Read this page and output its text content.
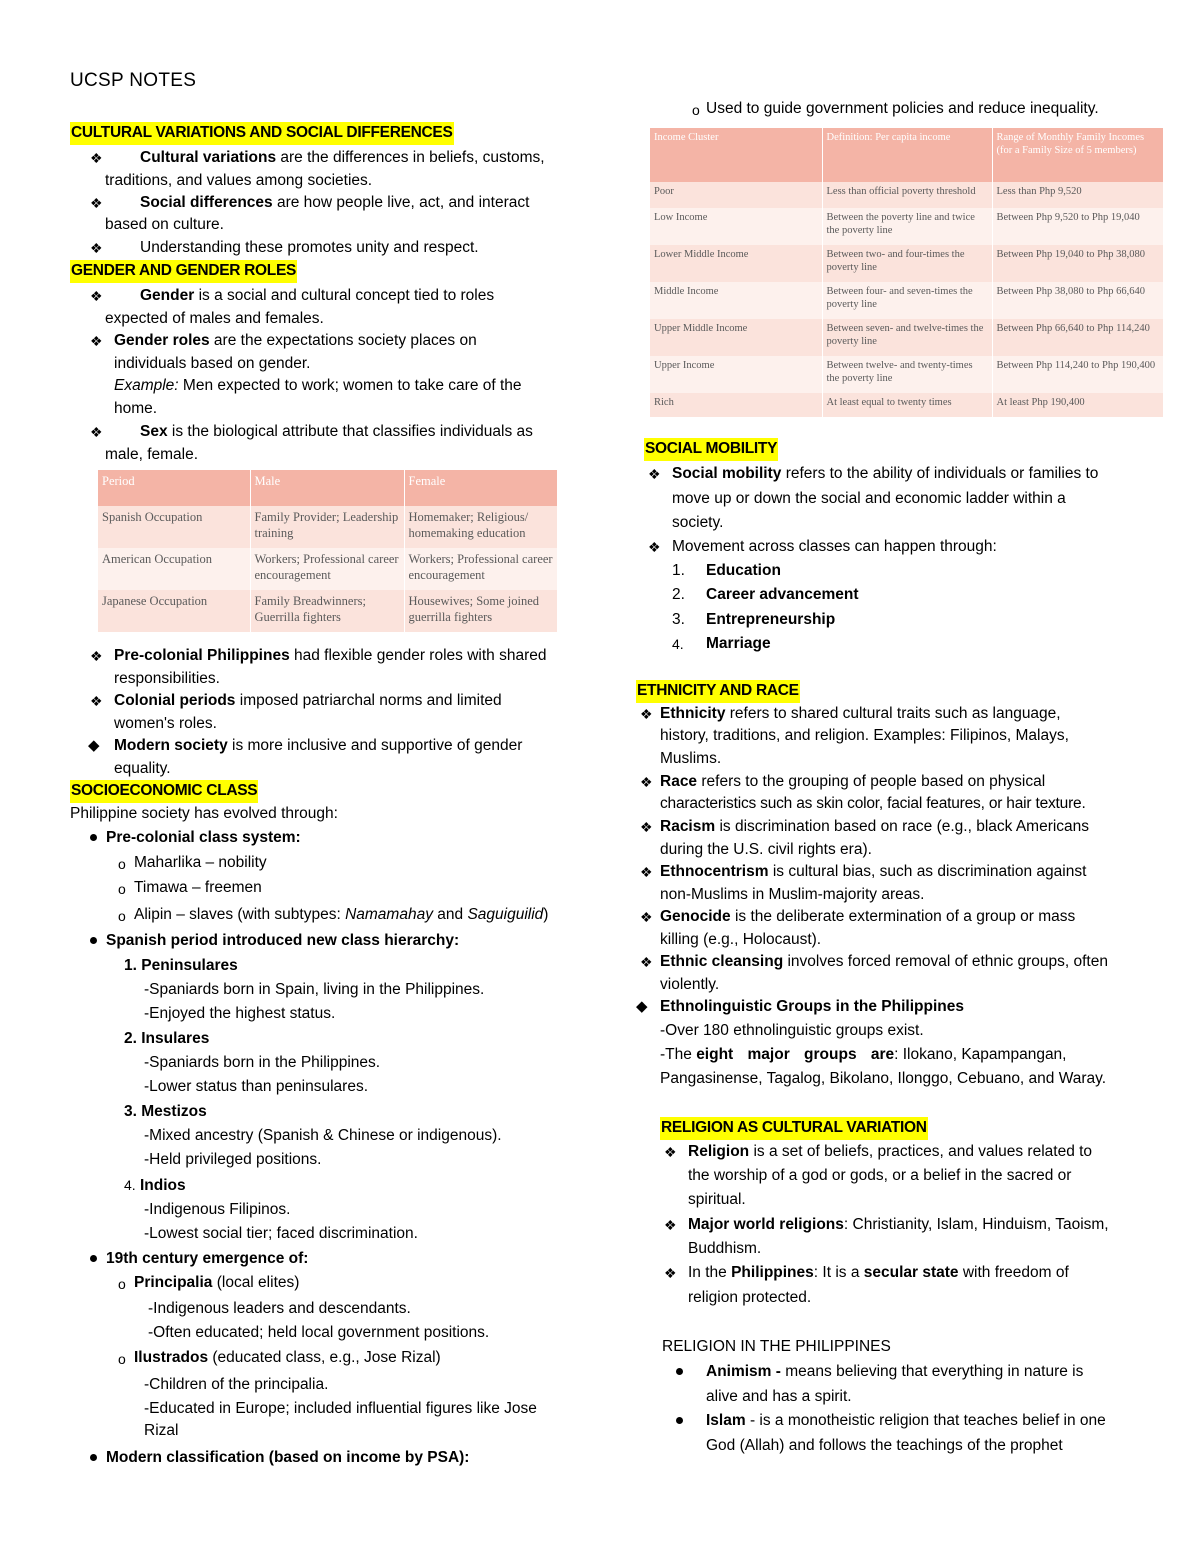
UCSP NOTES
CULTURAL VARIATIONS AND SOCIAL DIFFERENCES
❖ Cultural variations are the differences in beliefs, customs,
traditions, and values among societies.
❖ Social differences are how people live, act, and interact
based on culture.
❖ Understanding these promotes unity and respect.
GENDER AND GENDER ROLES
❖ Gender is a social and cultural concept tied to roles
expected of males and females.
❖ Gender roles are the expectations society places on
individuals based on gender.
Example: Men expected to work; women to take care of the
home.
❖ Sex is the biological attribute that classifies individuals as
male, female.
Period	Male	Female
Spanish Occupation	Family Provider; Leadership training	Homemaker; Religious/ homemaking education
American Occupation	Workers; Professional career encouragement	Workers; Professional career encouragement
Japanese Occupation	Family Breadwinners; Guerrilla fighters	Housewives; Some joined guerrilla fighters
❖ Pre-colonial Philippines had flexible gender roles with shared
responsibilities.
❖ Colonial periods imposed patriarchal norms and limited
women's roles.
◆ Modern society is more inclusive and supportive of gender
equality.
SOCIOECONOMIC CLASS
Philippine society has evolved through:
Pre-colonial class system:
o Maharlika – nobility
o Timawa – freemen
o Alipin – slaves (with subtypes: Namamahay and Saguiguilid)
Spanish period introduced new class hierarchy:
1. Peninsulares
-Spaniards born in Spain, living in the Philippines.
-Enjoyed the highest status.
2. Insulares
-Spaniards born in the Philippines.
-Lower status than peninsulares.
3. Mestizos
-Mixed ancestry (Spanish & Chinese or indigenous).
-Held privileged positions.
4. Indios
-Indigenous Filipinos.
-Lowest social tier; faced discrimination.
19th century emergence of:
o Principalia (local elites)
-Indigenous leaders and descendants.
-Often educated; held local government positions.
o Ilustrados (educated class, e.g., Jose Rizal)
-Children of the principalia.
-Educated in Europe; included influential figures like Jose
Rizal
Modern classification (based on income by PSA):
o Used to guide government policies and reduce inequality.
Income Cluster	Definition: Per capita income	Range of Monthly Family Incomes (for a Family Size of 5 members)
Poor	Less than official poverty threshold	Less than Php 9,520
Low Income	Between the poverty line and twice the poverty line	Between Php 9,520 to Php 19,040
Lower Middle Income	Between two- and four-times the poverty line	Between Php 19,040 to Php 38,080
Middle Income	Between four- and seven-times the poverty line	Between Php 38,080 to Php 66,640
Upper Middle Income	Between seven- and twelve-times the poverty line	Between Php 66,640 to Php 114,240
Upper Income	Between twelve- and twenty-times the poverty line	Between Php 114,240 to Php 190,400
Rich	At least equal to twenty times	At least Php 190,400
SOCIAL MOBILITY
❖ Social mobility refers to the ability of individuals or families to
move up or down the social and economic ladder within a
society.
❖ Movement across classes can happen through:
1. Education
2. Career advancement
3. Entrepreneurship
4. Marriage
ETHNICITY AND RACE
❖ Ethnicity refers to shared cultural traits such as language,
history, traditions, and religion. Examples: Filipinos, Malays,
Muslims.
❖ Race refers to the grouping of people based on physical
characteristics such as skin color, facial features, or hair texture.
❖ Racism is discrimination based on race (e.g., black Americans
during the U.S. civil rights era).
❖ Ethnocentrism is cultural bias, such as discrimination against
non-Muslims in Muslim-majority areas.
❖ Genocide is the deliberate extermination of a group or mass
killing (e.g., Holocaust).
❖ Ethnic cleansing involves forced removal of ethnic groups, often
violently.
◆ Ethnolinguistic Groups in the Philippines
-Over 180 ethnolinguistic groups exist.
-The eight major groups are: Ilokano, Kapampangan,
Pangasinense, Tagalog, Bikolano, Ilonggo, Cebuano, and Waray.
RELIGION AS CULTURAL VARIATION
❖ Religion is a set of beliefs, practices, and values related to
the worship of a god or gods, or a belief in the sacred or
spiritual.
❖ Major world religions: Christianity, Islam, Hinduism, Taoism,
Buddhism.
❖ In the Philippines: It is a secular state with freedom of
religion protected.
RELIGION IN THE PHILIPPINES
Animism - means believing that everything in nature is
alive and has a spirit.
Islam - is a monotheistic religion that teaches belief in one
God (Allah) and follows the teachings of the prophet
